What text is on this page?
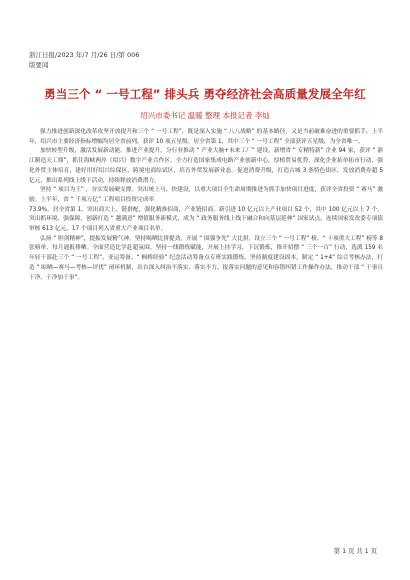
浙江日报/2023 年/7 月/26 日/第 006
版要闻
勇当三个 “ 一号工程” 排头兵 勇夺经济社会高质量发展全年红
绍兴市委书记 温暖 整理 本报记者 李灿

强力推进创新深化改革攻坚开放提升和三个 “ 一号工程”，既是深入实施 “ 八八战略” 的基本路径，又是当前破难奋进的重要抓手。上半年，绍兴市主要经济指标增幅均居全省前列，获评 10 项五星级、居全省第 1，其中三个 “ 一号工程” 全部获评五星级，为全省唯一。

加快转型升级，激活发展新动能。推进产业提升，分行业推动 “ 产业大脑+未来工厂” 建设，新增省 “ 专精特新” 企业 94 家，获评 “ 浙江制造天工鼎”，抓住海峡两岸（绍兴）数字产业合作区，全力打造国家集成电路产业创新中心，厚植贸易优势，深化企业拓单拓市行动，强化外贸主体培育，建好用好绍兴综保区、跨境电商综试区，培育外贸发展新业态。促进消费升级，打造古城 3 条特色街区，发放消费券超 5 亿元，推出系列线上线下活动，持续释放消费潜力。

坚持 “ 项目为王” ，夯实发展硬支撑。突出统上马、快建设，以重大项目全生命周期推进为抓手加快项目进度，获评全省投资 “ 赛马” 激励。上半年，省 “ 千项万亿” 工程项目投资完成率

73.9%，居全省第 1。突出商大上、链群配，强化精准招商，产业链招商，新引进 10 亿元以上产业项目 52 个，其中 100 亿元以上 7 个。突出抓环境、强保障，创新打造 “ 越满意” 增值服务新模式，成为 “ 政务服务线上线下融合和向基层延伸” 国家试点。连续国家发改委专项债审核 613 亿元，17 个项目列入省重大产业项目名单。

弘扬 “ 胆剑精神”，提振发展精气神。坚持喝晒比拼提劲，开展 “ 围强争先” 大比拼，设立三个 “ 一号工程” 榜、“ 十项重大工程” 榜等 8 张榜单，每月通报排晒。全面营造比学赶超氛围。坚持一线锻炼赋能，开展上挂学习、下沉锻炼，推开招摆 “ 三个一百” 行动，选派 159 名年轻干部赴三个 “ 一号工程”、亚运筹备、“ 枫桥经验” 纪念活动筹备点专班实践锻炼。坚持制度建设固本，制定 “ 1+4” 综合考核办法，打造 “ 晾晒—赛马—考核—评优” 闭环机制，出台深入纠治不落实、落实不力、报落实问题的意见和容错纠错工作操作办法，推动干部 “ 干事且干净、干净加干事”。

第 1 页 共 1 页
